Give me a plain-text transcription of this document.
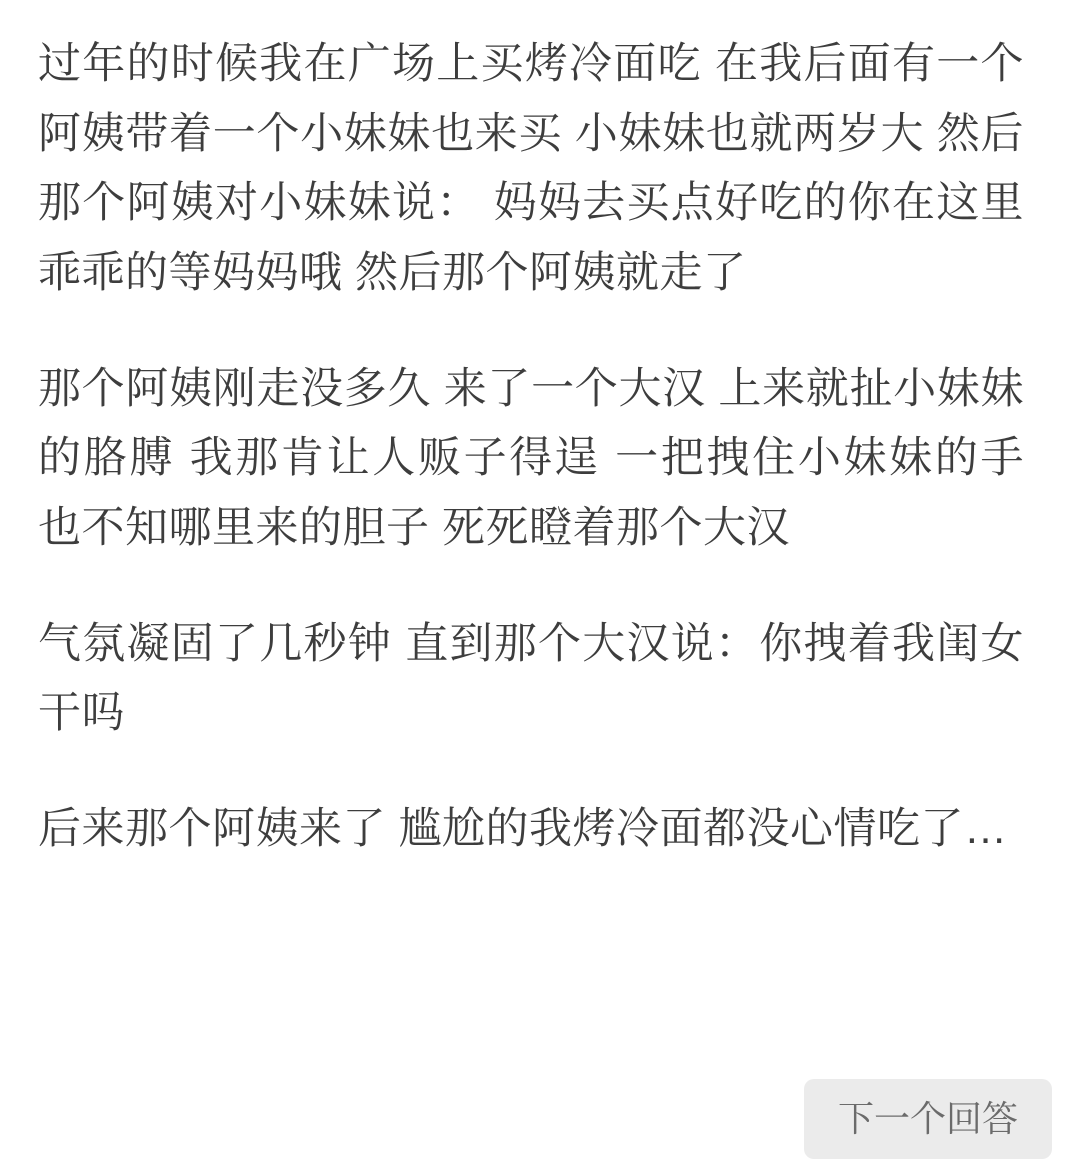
过年的时候我在广场上买烤冷面吃 在我后面有一个阿姨带着一个小妹妹也来买 小妹妹也就两岁大 然后那个阿姨对小妹妹说： 妈妈去买点好吃的你在这里乖乖的等妈妈哦 然后那个阿姨就走了

那个阿姨刚走没多久 来了一个大汉 上来就扯小妹妹的胳膊 我那肯让人贩子得逞 一把拽住小妹妹的手 也不知哪里来的胆子 死死瞪着那个大汉

气氛凝固了几秒钟 直到那个大汉说：你拽着我闺女干吗

后来那个阿姨来了 尴尬的我烤冷面都没心情吃了…

下一个回答
